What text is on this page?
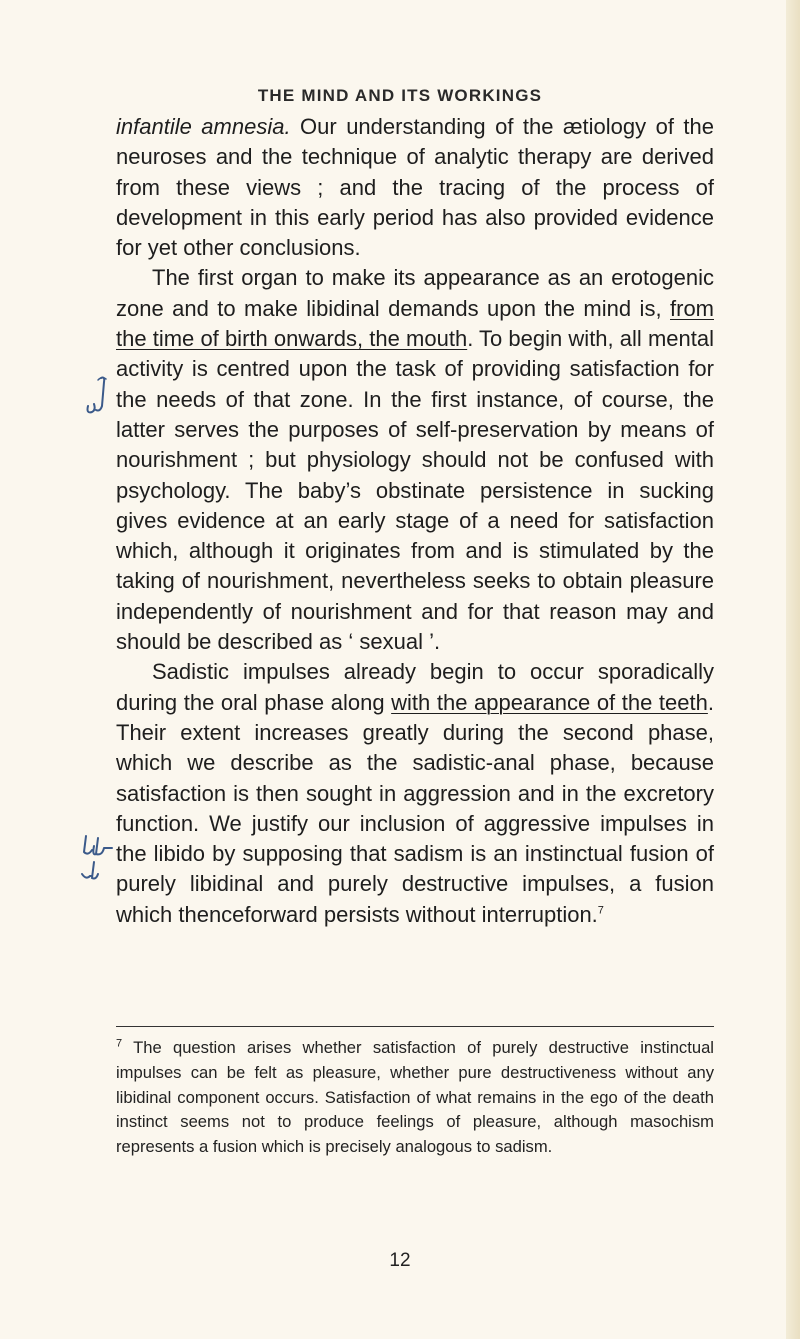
THE MIND AND ITS WORKINGS

infantile amnesia. Our understanding of the ætiology of the neuroses and the technique of analytic therapy are derived from these views ; and the tracing of the process of development in this early period has also provided evidence for yet other conclusions.

The first organ to make its appearance as an erotogenic zone and to make libidinal demands upon the mind is, from the time of birth onwards, the mouth. To begin with, all mental activity is centred upon the task of providing satisfaction for the needs of that zone. In the first instance, of course, the latter serves the purposes of self-preservation by means of nourishment ; but physiology should not be confused with psychology. The baby’s obstinate persistence in sucking gives evidence at an early stage of a need for satisfaction which, although it originates from and is stimulated by the taking of nourishment, nevertheless seeks to obtain pleasure independently of nourishment and for that reason may and should be described as ‘ sexual ’.

Sadistic impulses already begin to occur sporadically during the oral phase along with the appearance of the teeth. Their extent increases greatly during the second phase, which we describe as the sadistic-anal phase, because satisfaction is then sought in aggression and in the excretory function. We justify our inclusion of aggressive impulses in the libido by supposing that sadism is an instinctual fusion of purely libidinal and purely destructive impulses, a fusion which thenceforward persists without interruption.$^7$

$^7$ The question arises whether satisfaction of purely destructive instinctual impulses can be felt as pleasure, whether pure destructiveness without any libidinal component occurs. Satisfaction of what remains in the ego of the death instinct seems not to produce feelings of pleasure, although masochism represents a fusion which is precisely analogous to sadism.
12
